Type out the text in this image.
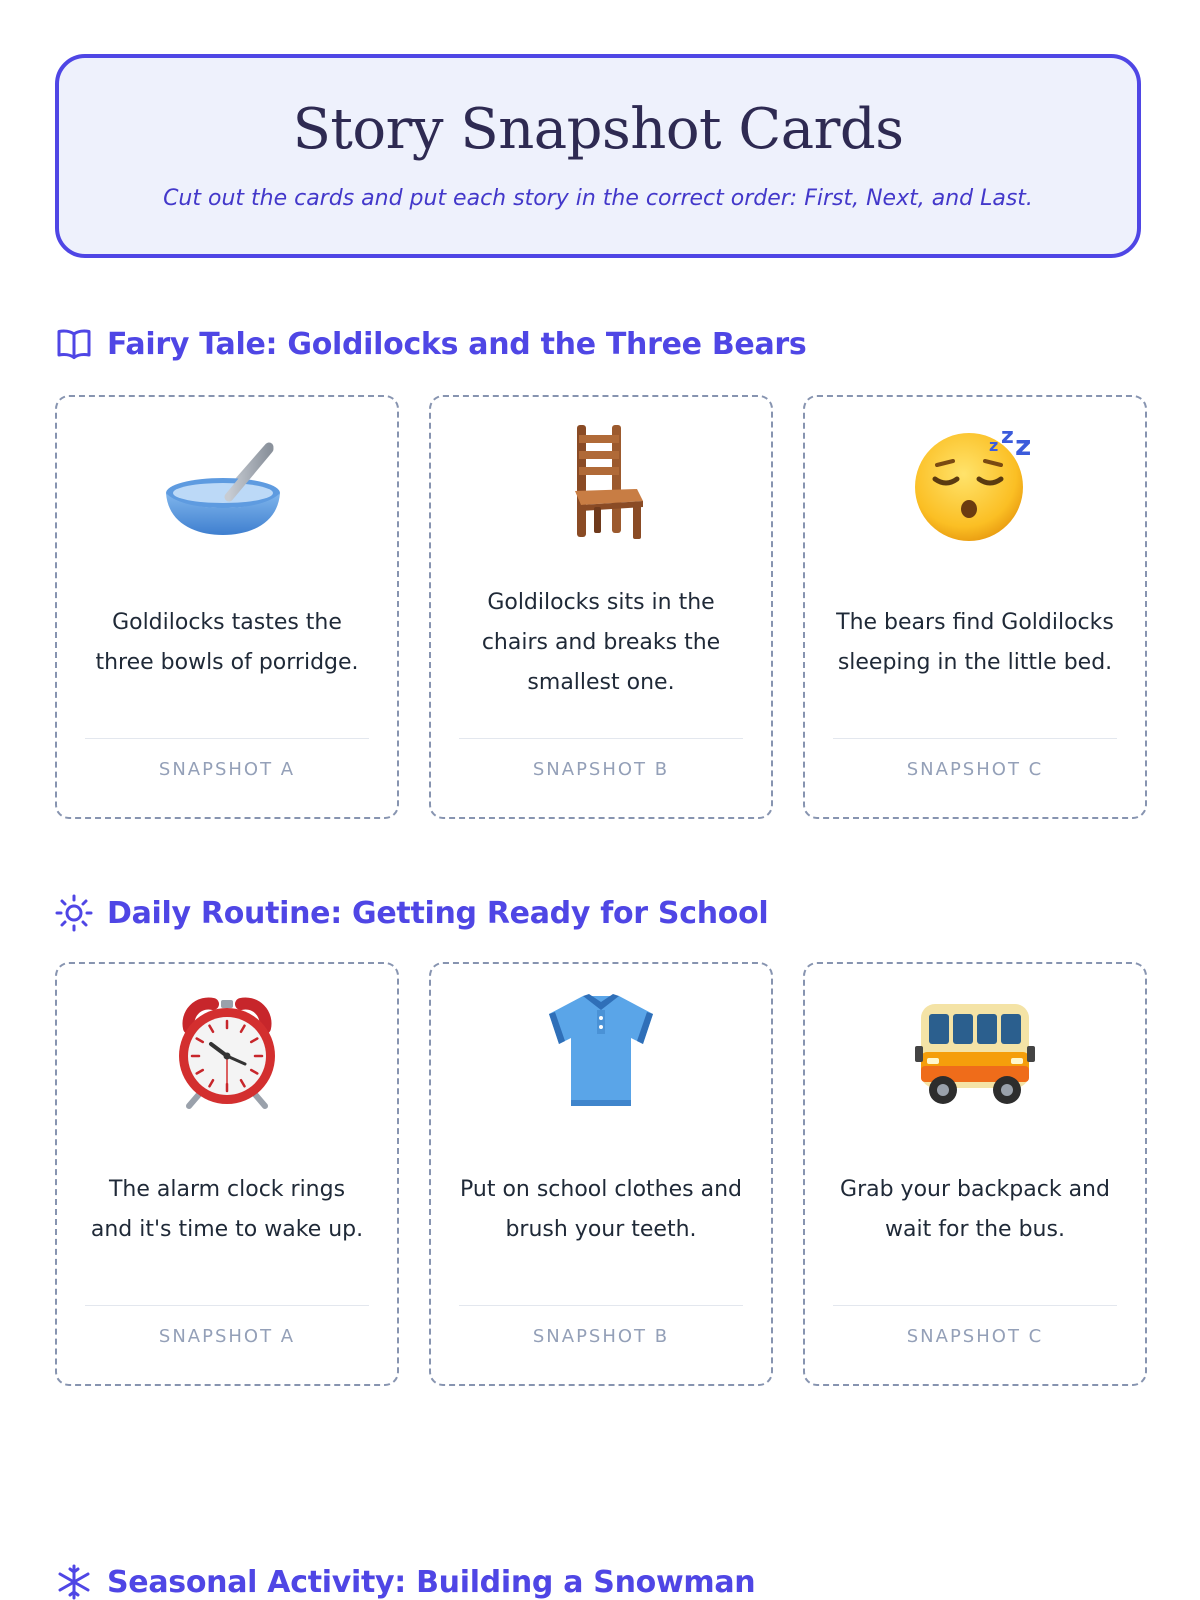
Story Snapshot Cards
Cut out the cards and put each story in the correct order: First, Next, and Last.
Fairy Tale: Goldilocks and the Three Bears
Goldilocks tastes the three bowls of porridge.
SNAPSHOT A
Goldilocks sits in the chairs and breaks the smallest one.
SNAPSHOT B
z z z
The bears find Goldilocks sleeping in the little bed.
SNAPSHOT C
Daily Routine: Getting Ready for School
The alarm clock rings and it's time to wake up.
SNAPSHOT A
Put on school clothes and brush your teeth.
SNAPSHOT B
Grab your backpack and wait for the bus.
SNAPSHOT C
Seasonal Activity: Building a Snowman
